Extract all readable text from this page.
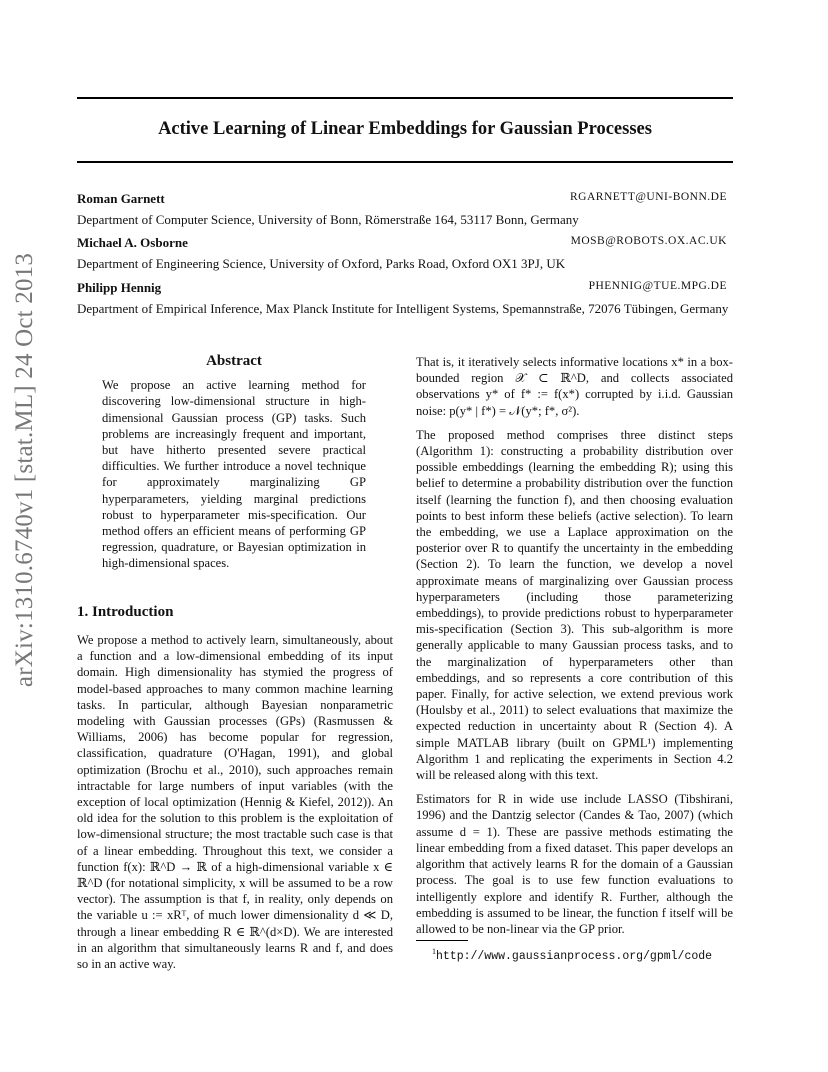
Active Learning of Linear Embeddings for Gaussian Processes
arXiv:1310.6740v1 [stat.ML] 24 Oct 2013
Roman Garnett	RGARNETT@UNI-BONN.DE
Department of Computer Science, University of Bonn, Römerstraße 164, 53117 Bonn, Germany
Michael A. Osborne	MOSB@ROBOTS.OX.AC.UK
Department of Engineering Science, University of Oxford, Parks Road, Oxford OX1 3PJ, UK
Philipp Hennig	PHENNIG@TUE.MPG.DE
Department of Empirical Inference, Max Planck Institute for Intelligent Systems, Spemannstraße, 72076 Tübingen, Germany
Abstract

We propose an active learning method for discovering low-dimensional structure in high-dimensional Gaussian process (GP) tasks. Such problems are increasingly frequent and important, but have hitherto presented severe practical difficulties. We further introduce a novel technique for approximately marginalizing GP hyperparameters, yielding marginal predictions robust to hyperparameter mis-specification. Our method offers an efficient means of performing GP regression, quadrature, or Bayesian optimization in high-dimensional spaces.

1. Introduction

We propose a method to actively learn, simultaneously, about a function and a low-dimensional embedding of its input domain. High dimensionality has stymied the progress of model-based approaches to many common machine learning tasks. In particular, although Bayesian nonparametric modeling with Gaussian processes (GPs) (Rasmussen & Williams, 2006) has become popular for regression, classification, quadrature (O'Hagan, 1991), and global optimization (Brochu et al., 2010), such approaches remain intractable for large numbers of input variables (with the exception of local optimization (Hennig & Kiefel, 2012)). An old idea for the solution to this problem is the exploitation of low-dimensional structure; the most tractable such case is that of a linear embedding. Throughout this text, we consider a function f(x): ℝ^D → ℝ of a high-dimensional variable x ∈ ℝ^D (for notational simplicity, x will be assumed to be a row vector). The assumption is that f, in reality, only depends on the variable u := xRᵀ, of much lower dimensionality d ≪ D, through a linear embedding R ∈ ℝ^(d×D). We are interested in an algorithm that simultaneously learns R and f, and does so in an active way.

That is, it iteratively selects informative locations x* in a box-bounded region 𝒳 ⊂ ℝ^D, and collects associated observations y* of f* := f(x*) corrupted by i.i.d. Gaussian noise: p(y* | f*) = 𝒩(y*; f*, σ²).

The proposed method comprises three distinct steps (Algorithm 1): constructing a probability distribution over possible embeddings (learning the embedding R); using this belief to determine a probability distribution over the function itself (learning the function f), and then choosing evaluation points to best inform these beliefs (active selection). To learn the embedding, we use a Laplace approximation on the posterior over R to quantify the uncertainty in the embedding (Section 2). To learn the function, we develop a novel approximate means of marginalizing over Gaussian process hyperparameters (including those parameterizing embeddings), to provide predictions robust to hyperparameter mis-specification (Section 3). This sub-algorithm is more generally applicable to many Gaussian process tasks, and to the marginalization of hyperparameters other than embeddings, and so represents a core contribution of this paper. Finally, for active selection, we extend previous work (Houlsby et al., 2011) to select evaluations that maximize the expected reduction in uncertainty about R (Section 4). A simple MATLAB library (built on GPML¹) implementing Algorithm 1 and replicating the experiments in Section 4.2 will be released along with this text.

Estimators for R in wide use include LASSO (Tibshirani, 1996) and the Dantzig selector (Candes & Tao, 2007) (which assume d = 1). These are passive methods estimating the linear embedding from a fixed dataset. This paper develops an algorithm that actively learns R for the domain of a Gaussian process. The goal is to use few function evaluations to intelligently explore and identify R. Further, although the embedding is assumed to be linear, the function f itself will be allowed to be non-linear via the GP prior.

$^1$http://www.gaussianprocess.org/gpml/code
